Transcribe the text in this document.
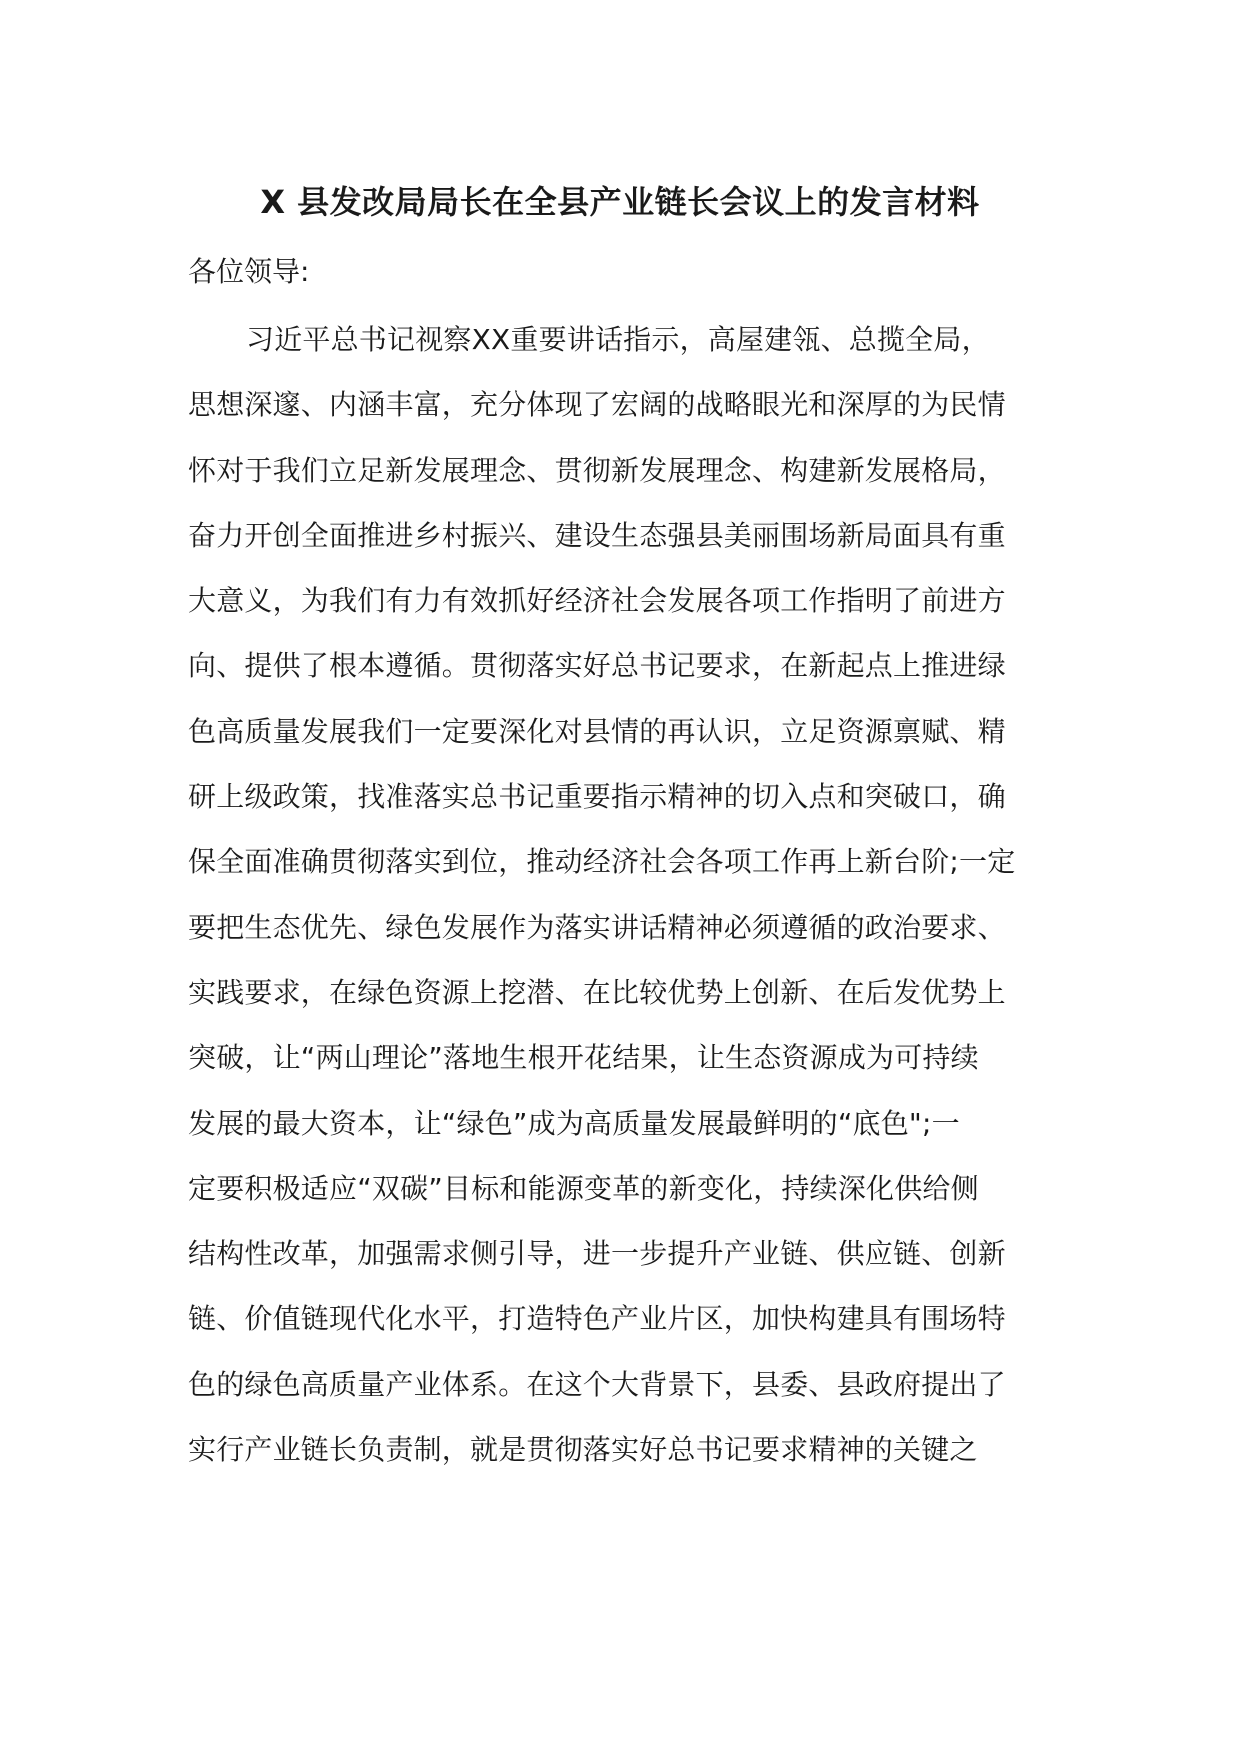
X 县发改局局长在全县产业链长会议上的发言材料

各位领导:

习近平总书记视察XX重要讲话指示，高屋建瓴、总揽全局，
思想深邃、内涵丰富，充分体现了宏阔的战略眼光和深厚的为民情
怀对于我们立足新发展理念、贯彻新发展理念、构建新发展格局，
奋力开创全面推进乡村振兴、建设生态强县美丽围场新局面具有重
大意义，为我们有力有效抓好经济社会发展各项工作指明了前进方
向、提供了根本遵循。贯彻落实好总书记要求，在新起点上推进绿
色高质量发展我们一定要深化对县情的再认识，立足资源禀赋、精
研上级政策，找准落实总书记重要指示精神的切入点和突破口，确
保全面准确贯彻落实到位，推动经济社会各项工作再上新台阶;一定
要把生态优先、绿色发展作为落实讲话精神必须遵循的政治要求、
实践要求，在绿色资源上挖潜、在比较优势上创新、在后发优势上
突破，让“两山理论”落地生根开花结果，让生态资源成为可持续
发展的最大资本，让“绿色”成为高质量发展最鲜明的“底色";一
定要积极适应“双碳”目标和能源变革的新变化，持续深化供给侧
结构性改革，加强需求侧引导，进一步提升产业链、供应链、创新
链、价值链现代化水平，打造特色产业片区，加快构建具有围场特
色的绿色高质量产业体系。在这个大背景下，县委、县政府提出了
实行产业链长负责制，就是贯彻落实好总书记要求精神的关键之
